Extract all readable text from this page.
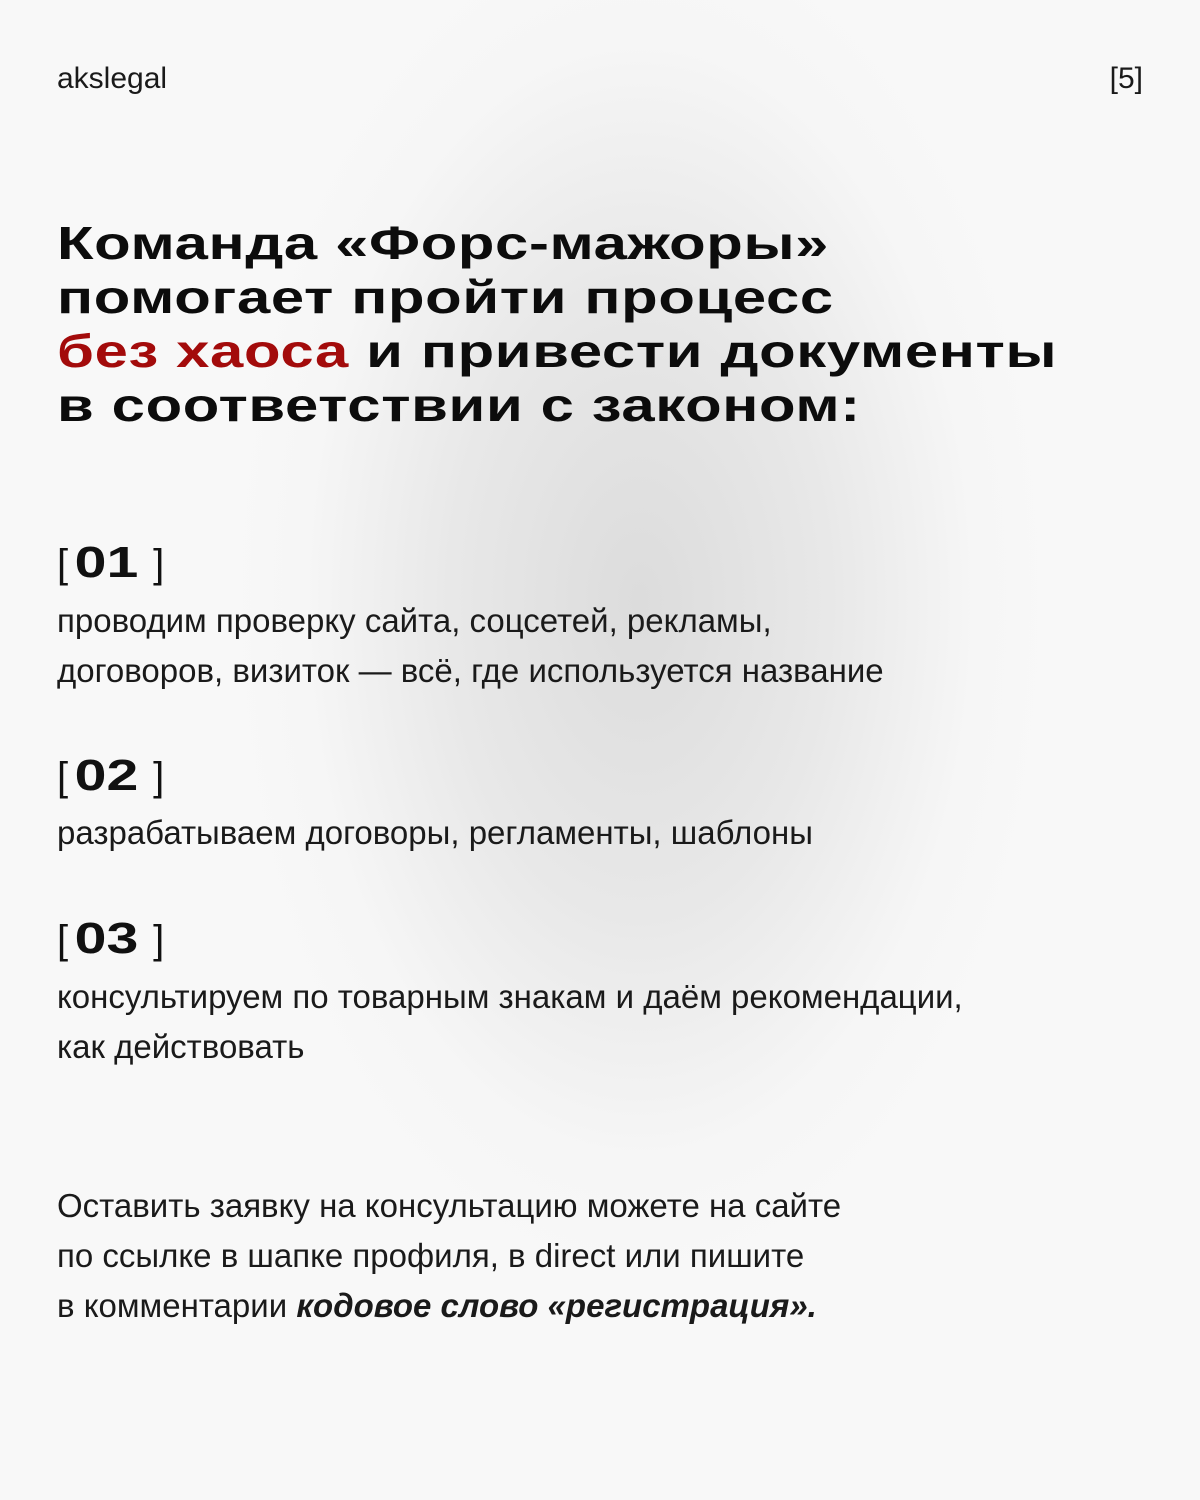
akslegal	[5]
Команда «Форс-мажоры»
помогает пройти процесс
без хаоса и привести документы
в соответствии с законом:
[ 01 ]
проводим проверку сайта, соцсетей, рекламы,
договоров, визиток — всё, где используется название
[ 02 ]
разрабатываем договоры, регламенты, шаблоны
[ 03 ]
консультируем по товарным знакам и даём рекомендации,
как действовать
Оставить заявку на консультацию можете на сайте
по ссылке в шапке профиля, в direct или пишите
в комментарии кодовое слово «регистрация».
